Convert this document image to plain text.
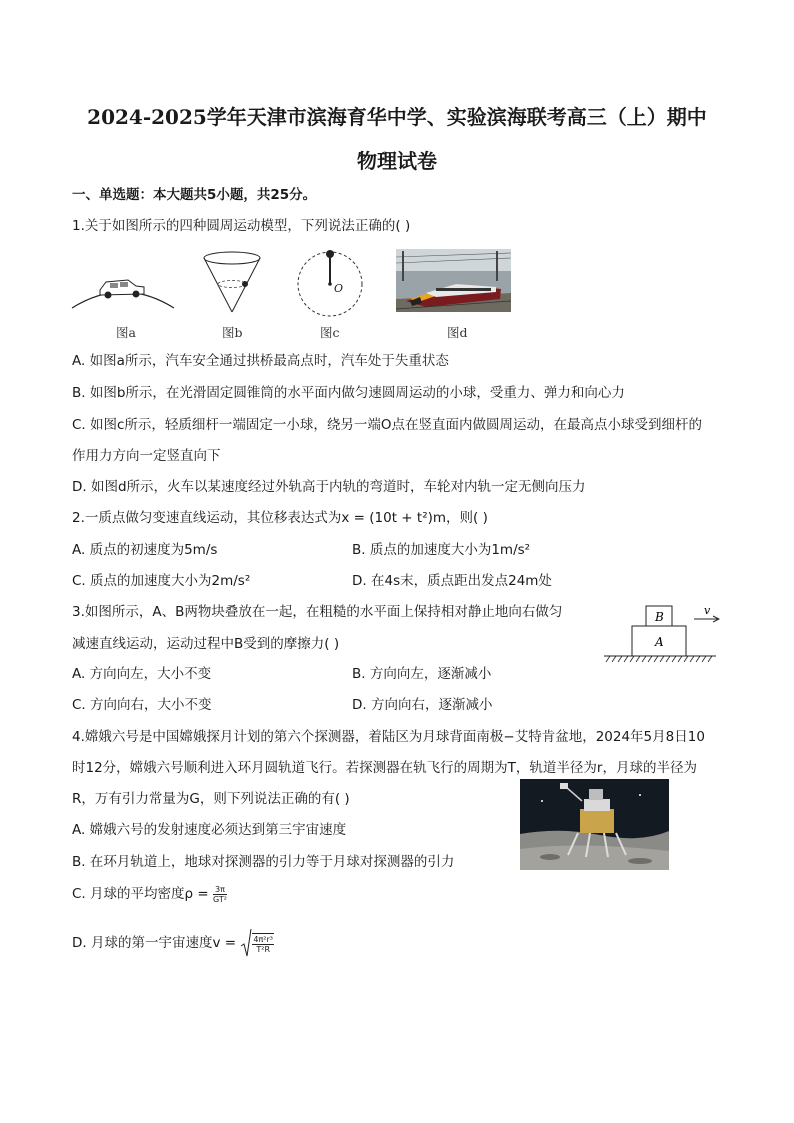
2024-2025学年天津市滨海育华中学、实验滨海联考高三（上）期中
物理试卷
一、单选题：本大题共5小题，共25分。
1.关于如图所示的四种圆周运动模型，下列说法正确的( )
图a	图b
O
图c	图d
A. 如图a所示，汽车安全通过拱桥最高点时，汽车处于失重状态
B. 如图b所示，在光滑固定圆锥筒的水平面内做匀速圆周运动的小球，受重力、弹力和向心力
C. 如图c所示，轻质细杆一端固定一小球，绕另一端O点在竖直面内做圆周运动，在最高点小球受到细杆的
作用力方向一定竖直向下
D. 如图d所示，火车以某速度经过外轨高于内轨的弯道时，车轮对内轨一定无侧向压力
2.一质点做匀变速直线运动，其位移表达式为x = (10t + t²)m，则( )
A. 质点的初速度为5m/s	B. 质点的加速度大小为1m/s²
C. 质点的加速度大小为2m/s²	D. 在4s末，质点距出发点24m处
3.如图所示，A、B两物块叠放在一起，在粗糙的水平面上保持相对静止地向右做匀
减速直线运动，运动过程中B受到的摩擦力( )
A. 方向向左，大小不变	B. 方向向左，逐渐减小
C. 方向向右，大小不变	D. 方向向右，逐渐减小
B
A
v
4.嫦娥六号是中国嫦娥探月计划的第六个探测器，着陆区为月球背面南极−艾特肯盆地，2024年5月8日10
时12分，嫦娥六号顺利进入环月圆轨道飞行。若探测器在轨飞行的周期为T，轨道半径为r，月球的半径为
R，万有引力常量为G，则下列说法正确的有( )
A. 嫦娥六号的发射速度必须达到第三宇宙速度
B. 在环月轨道上，地球对探测器的引力等于月球对探测器的引力
C. 月球的平均密度$\rho = \frac{3\pi}{\text{GT²}}$
D. 月球的第一宇宙速度$v = \frac{\text{4π²r³}}{\text{T²R}}$
